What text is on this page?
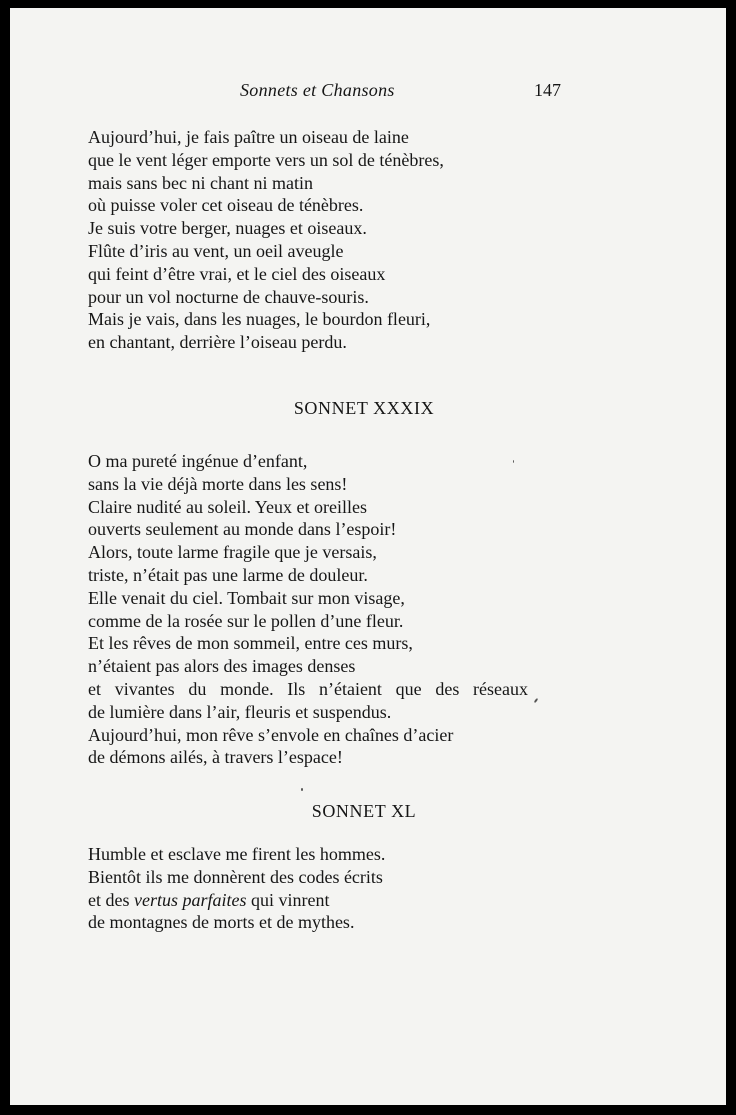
Sonnets et Chansons	147
Aujourd’hui, je fais paître un oiseau de laine
que le vent léger emporte vers un sol de ténèbres,
mais sans bec ni chant ni matin
où puisse voler cet oiseau de ténèbres.
Je suis votre berger, nuages et oiseaux.
Flûte d’iris au vent, un oeil aveugle
qui feint d’être vrai, et le ciel des oiseaux
pour un vol nocturne de chauve-souris.
Mais je vais, dans les nuages, le bourdon fleuri,
en chantant, derrière l’oiseau perdu.
SONNET XXXIX
O ma pureté ingénue d’enfant,
sans la vie déjà morte dans les sens!
Claire nudité au soleil. Yeux et oreilles
ouverts seulement au monde dans l’espoir!
Alors, toute larme fragile que je versais,
triste, n’était pas une larme de douleur.
Elle venait du ciel. Tombait sur mon visage,
comme de la rosée sur le pollen d’une fleur.
Et les rêves de mon sommeil, entre ces murs,
n’étaient pas alors des images denses
et vivantes du monde. Ils n’étaient que des réseaux
de lumière dans l’air, fleuris et suspendus.
Aujourd’hui, mon rêve s’envole en chaînes d’acier
de démons ailés, à travers l’espace!
SONNET XL
Humble et esclave me firent les hommes.
Bientôt ils me donnèrent des codes écrits
et des vertus parfaites qui vinrent
de montagnes de morts et de mythes.
